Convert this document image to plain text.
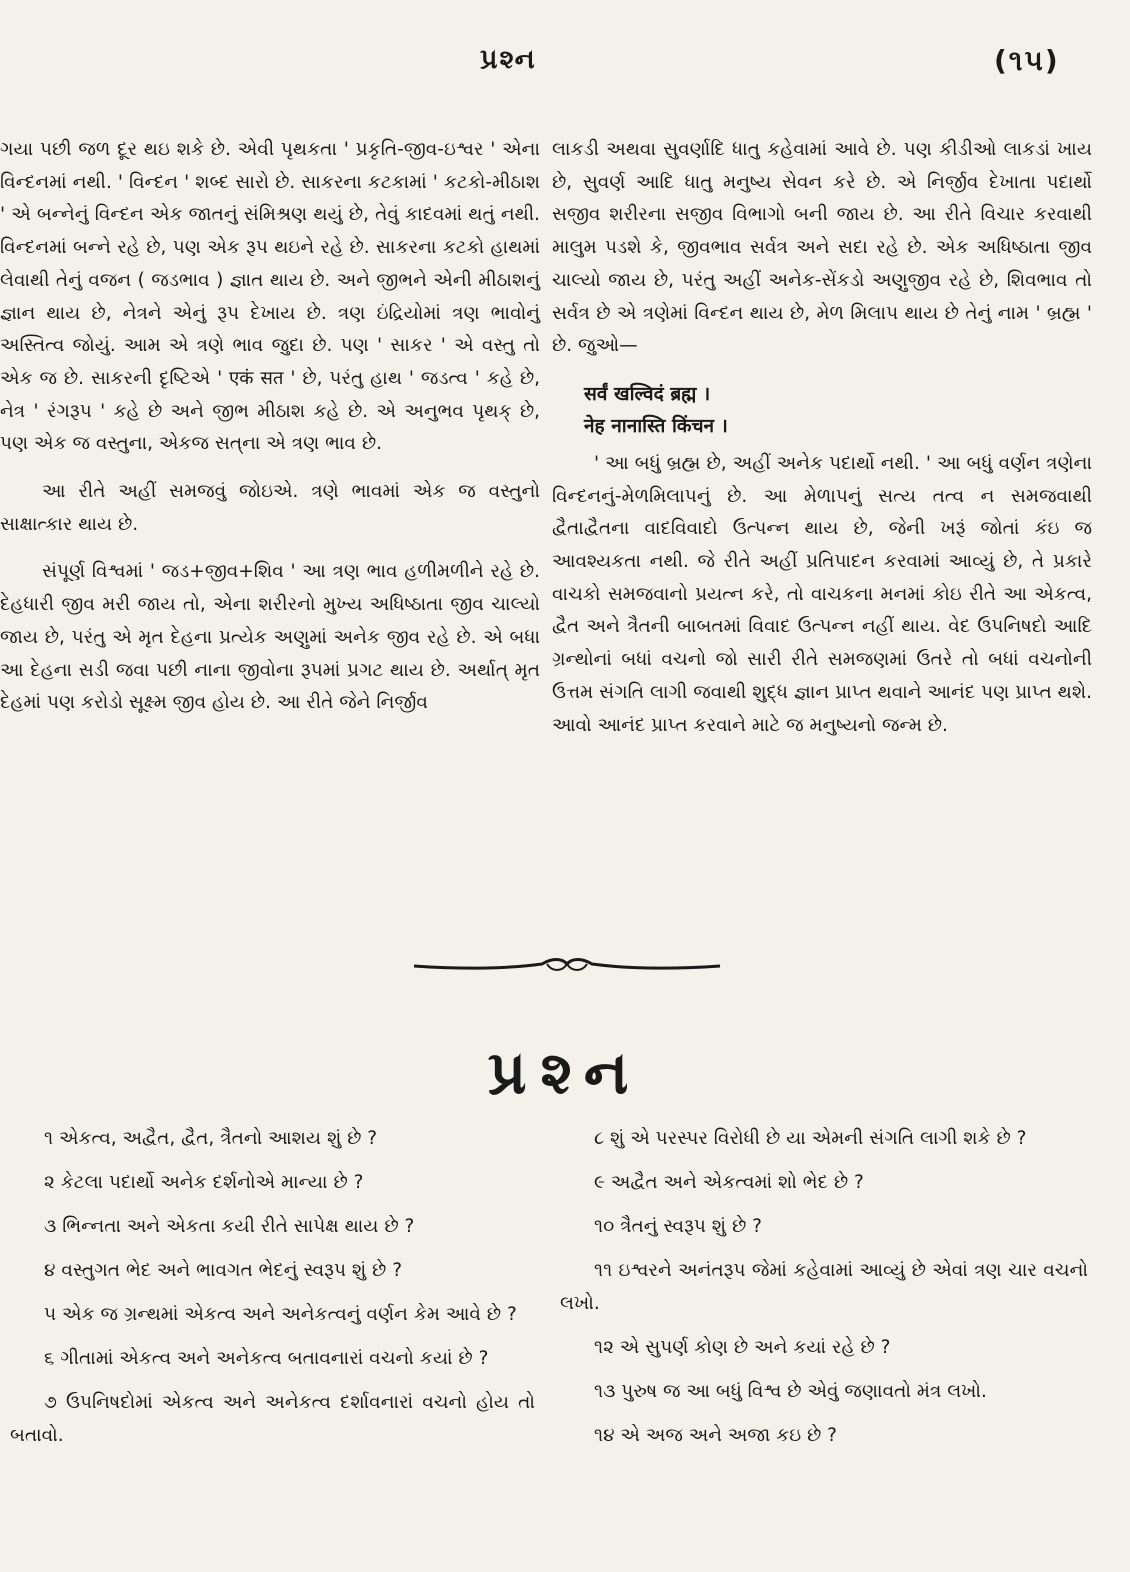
પ્રશ્ન	(૧૫)

ગયા પછી જળ દૂર થઇ શકે છે. એવી પૃથકતા ' પ્રકૃતિ-જીવ-ઇશ્વર ' એના વિન્દનમાં નથી. ' વિન્દન ' શબ્દ સારો છે. સાકરના કટકામાં ' કટકો-મીઠાશ ' એ બન્નેનું વિન્દન એક જાતનું સંમિશ્રણ થયું છે, તેવું કાદવમાં થતું નથી. વિન્દનમાં બન્ને રહે છે, પણ એક રૂપ થઇને રહે છે. સાકરના કટકો હાથમાં લેવાથી તેનું વજન ( જડભાવ ) જ્ઞાત થાય છે. અને જીભને એની મીઠાશનું જ્ઞાન થાય છે, નેત્રને એનું રૂપ દેખાય છે. ત્રણ ઇંદ્રિયોમાં ત્રણ ભાવોનું અસ્તિત્વ જોયું. આમ એ ત્રણે ભાવ જુદા છે. પણ ' સાકર ' એ વસ્તુ તો એક જ છે. સાકરની દૃષ્ટિએ ' एकं सत ' છે, પરંતુ હાથ ' જડત્વ ' કહે છે, નેત્ર ' રંગરૂપ ' કહે છે અને જીભ મીઠાશ કહે છે. એ અનુભવ પૃથક્ છે, પણ એક જ વસ્તુના, એકજ સત્‌ના એ ત્રણ ભાવ છે.

આ રીતે અહીં સમજવું જોઇએ. ત્રણે ભાવમાં એક જ વસ્તુનો સાક્ષાત્કાર થાય છે.

સંપૂર્ણ વિશ્વમાં ' જડ+જીવ+શિવ ' આ ત્રણ ભાવ હળીમળીને રહે છે. દેહધારી જીવ મરી જાય તો, એના શરીરનો મુખ્ય અધિષ્ઠાતા જીવ ચાલ્યો જાય છે, પરંતુ એ મૃત દેહના પ્રત્યેક અણુમાં અનેક જીવ રહે છે. એ બધા આ દેહના સડી જવા પછી નાના જીવોના રૂપમાં પ્રગટ થાય છે. અર્થાત્ મૃત દેહમાં પણ કરોડો સૂક્ષ્મ જીવ હોય છે. આ રીતે જેને નિર્જીવ

લાકડી અથવા સુવર્ણાદિ ધાતુ કહેવામાં આવે છે. પણ કીડીઓ લાકડાં ખાય છે, સુવર્ણ આદિ ધાતુ મનુષ્ય સેવન કરે છે. એ નિર્જીવ દેખાતા પદાર્થો સજીવ શરીરના સજીવ વિભાગો બની જાય છે. આ રીતે વિચાર કરવાથી માલુમ પડશે કે, જીવભાવ સર્વત્ર અને સદા રહે છે. એક અધિષ્ઠાતા જીવ ચાલ્યો જાય છે, પરંતુ અહીં અનેક-સેંકડો અણુજીવ રહે છે, શિવભાવ તો સર્વત્ર છે એ ત્રણેમાં વિન્દન થાય છે, મેળ મિલાપ થાય છે તેનું નામ ' બ્રહ્મ ' છે. જુઓ—

सर्वं खल्विदं ब्रह्म ।
नेह नानास्ति किंचन ।

' આ બધું બ્રહ્મ છે, અહીં અનેક પદાર્થો નથી. ' આ બધું વર્ણન ત્રણેના વિન્દનનું-મેળમિલાપનું છે. આ મેળાપનું સત્ય તત્વ ન સમજવાથી દ્વૈતાદ્વૈતના વાદવિવાદો ઉત્પન્ન થાય છે, જેની ખરૂં જોતાં કંઇ જ આવશ્યકતા નથી. જે રીતે અહીં પ્રતિપાદન કરવામાં આવ્યું છે, તે પ્રકારે વાચકો સમજવાનો પ્રયત્ન કરે, તો વાચકના મનમાં કોઇ રીતે આ એકત્વ, દ્વૈત અને ત્રૈતની બાબતમાં વિવાદ ઉત્પન્ન નહીં થાય. વેદ ઉપનિષદો આદિ ગ્રન્થોનાં બધાં વચનો જો સારી રીતે સમજણમાં ઉતરે તો બધાં વચનોની ઉત્તમ સંગતિ લાગી જવાથી શુદ્ધ જ્ઞાન પ્રાપ્ત થવાને આનંદ પણ પ્રાપ્ત થશે. આવો આનંદ પ્રાપ્ત કરવાને માટે જ મનુષ્યનો જન્મ છે.

પ્રશ્ન

૧ એકત્વ, અદ્વૈત, દ્વૈત, ત્રૈતનો આશય શું છે ?

૨ કેટલા પદાર્થો અનેક દર્શનોએ માન્યા છે ?

૩ ભિન્નતા અને એકતા કયી રીતે સાપેક્ષ થાય છે ?

૪ વસ્તુગત ભેદ અને ભાવગત ભેદનું સ્વરૂપ શું છે ?

૫ એક જ ગ્રન્થમાં એકત્વ અને અનેકત્વનું વર્ણન કેમ આવે છે ?

૬ ગીતામાં એકત્વ અને અનેકત્વ બતાવનારાં વચનો કયાં છે ?

૭ ઉપનિષદોમાં એકત્વ અને અનેકત્વ દર્શાવનારાં વચનો હોય તો બતાવો.

૮ શું એ પરસ્પર વિરોધી છે યા એમની સંગતિ લાગી શકે છે ?

૯ અદ્વૈત અને એકત્વમાં શો ભેદ છે ?

૧૦ ત્રૈતનું સ્વરૂપ શું છે ?

૧૧ ઇશ્વરને અનંતરૂપ જેમાં કહેવામાં આવ્યું છે એવાં ત્રણ ચાર વચનો લખો.

૧૨ એ સુપર્ણ કોણ છે અને કયાં રહે છે ?

૧૩ પુરુષ જ આ બધું વિશ્વ છે એવું જણાવતો મંત્ર લખો.

૧૪ એ અજ અને અજા કઇ છે ?
